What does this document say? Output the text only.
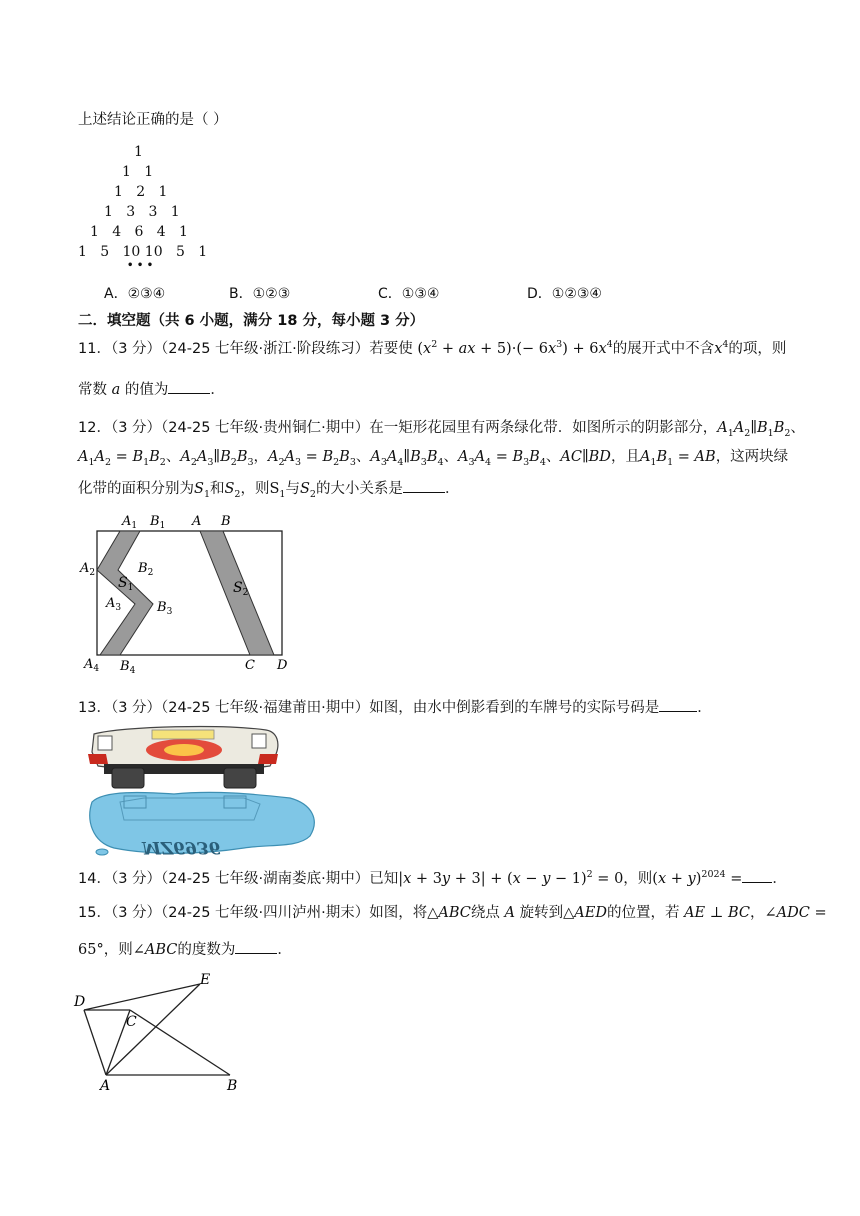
上述结论正确的是（ ）
1
1   1
1   2   1
1   3   3   1
1   4   6   4   1
1   5   10 10   5   1
• • •
A．②③④	B．①②③	C．①③④	D．①②③④
二．填空题（共 6 小题，满分 18 分，每小题 3 分）
11．（3 分）（24-25 七年级·浙江·阶段练习）若要使 ($x^2$ + ax + $5)\cdot(- 6x^3) + 6x^4$的展开式中不含$x^4$的项，则
常数 a 的值为	．
12．（3 分）（24-25 七年级·贵州铜仁·期中）在一矩形花园里有两条绿化带．如图所示的阴影部分，$A_1A_2\parallel B_1B_2$、
$A_1A_2 = B_1B_2$、$A_2A_3\parallel B_2B_3$，$A_2A_3 = B_2B_3$、$A_3A_4\parallel B_3B_4$、$A_3A_4 = B_3B_4$、AC∥BD，且$A_1B_1$ = AB，这两块绿
化带的面积分别为$S_1$和$S_2$，则$S_1$与$S_2$的大小关系是	．
$A_1$ $B_1$ A B
$A_2$	$B_2$
$S_1$	$S_2$
$A_3$	$B_3$
$A_4$ $B_4$	C D
13．（3 分）（24-25 七年级·福建莆田·期中）如图，由水中倒影看到的车牌号的实际号码是	．
MZ6936
14．（3 分）（24-25 七年级·湖南娄底·期中）已知$|x + 3y + 3| + (x - y - 1)^2 = 0$，则$(x + y)^{2024}$ = ．
15．（3 分）（24-25 七年级·四川泸州·期末）如图，将△ABC绕点 A 旋转到△AED的位置，若 AE ⊥ BC，∠ADC =
65°，则∠ABC的度数为	．
D
E
C
A	B
